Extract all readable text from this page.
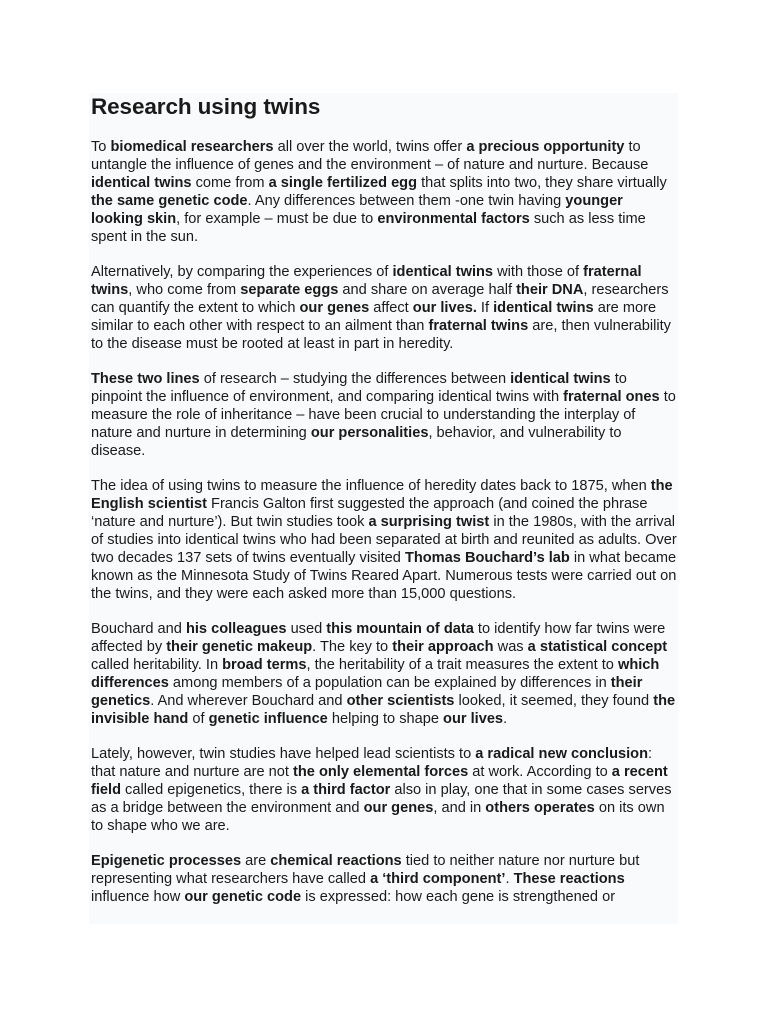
Research using twins

To biomedical researchers all over the world, twins offer a precious opportunity to untangle the influence of genes and the environment – of nature and nurture. Because identical twins come from a single fertilized egg that splits into two, they share virtually the same genetic code. Any differences between them -one twin having younger looking skin, for example – must be due to environmental factors such as less time spent in the sun.

Alternatively, by comparing the experiences of identical twins with those of fraternal twins, who come from separate eggs and share on average half their DNA, researchers can quantify the extent to which our genes affect our lives. If identical twins are more similar to each other with respect to an ailment than fraternal twins are, then vulnerability to the disease must be rooted at least in part in heredity.

These two lines of research – studying the differences between identical twins to pinpoint the influence of environment, and comparing identical twins with fraternal ones to measure the role of inheritance – have been crucial to understanding the interplay of nature and nurture in determining our personalities, behavior, and vulnerability to disease.

The idea of using twins to measure the influence of heredity dates back to 1875, when the English scientist Francis Galton first suggested the approach (and coined the phrase ‘nature and nurture’). But twin studies took a surprising twist in the 1980s, with the arrival of studies into identical twins who had been separated at birth and reunited as adults. Over two decades 137 sets of twins eventually visited Thomas Bouchard’s lab in what became known as the Minnesota Study of Twins Reared Apart. Numerous tests were carried out on the twins, and they were each asked more than 15,000 questions.

Bouchard and his colleagues used this mountain of data to identify how far twins were affected by their genetic makeup. The key to their approach was a statistical concept called heritability. In broad terms, the heritability of a trait measures the extent to which differences among members of a population can be explained by differences in their genetics. And wherever Bouchard and other scientists looked, it seemed, they found the invisible hand of genetic influence helping to shape our lives.

Lately, however, twin studies have helped lead scientists to a radical new conclusion: that nature and nurture are not the only elemental forces at work. According to a recent field called epigenetics, there is a third factor also in play, one that in some cases serves as a bridge between the environment and our genes, and in others operates on its own to shape who we are.

Epigenetic processes are chemical reactions tied to neither nature nor nurture but representing what researchers have called a ‘third component’. These reactions influence how our genetic code is expressed: how each gene is strengthened or
